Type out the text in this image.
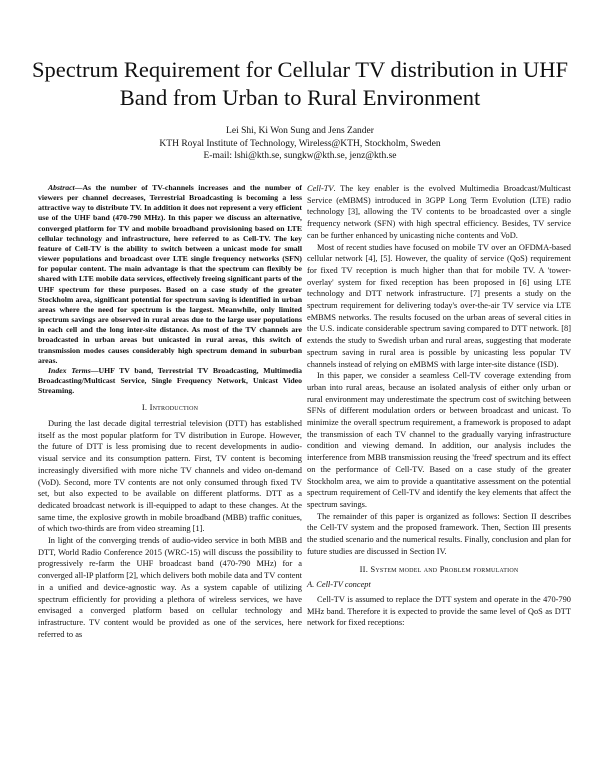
Spectrum Requirement for Cellular TV distribution in UHF Band from Urban to Rural Environment
Lei Shi, Ki Won Sung and Jens Zander
KTH Royal Institute of Technology, Wireless@KTH, Stockholm, Sweden
E-mail: lshi@kth.se, sungkw@kth.se, jenz@kth.se

Abstract—As the number of TV-channels increases and the number of viewers per channel decreases, Terrestrial Broadcasting is becoming a less attractive way to distribute TV. In addition it does not represent a very efficient use of the UHF band (470-790 MHz). In this paper we discuss an alternative, converged platform for TV and mobile broadband provisioning based on LTE cellular technology and infrastructure, here referred to as Cell-TV. The key feature of Cell-TV is the ability to switch between a unicast mode for small viewer populations and broadcast over LTE single frequency networks (SFN) for popular content. The main advantage is that the spectrum can flexibly be shared with LTE mobile data services, effectively freeing significant parts of the UHF spectrum for these purposes. Based on a case study of the greater Stockholm area, significant potential for spectrum saving is identified in urban areas where the need for spectrum is the largest. Meanwhile, only limited spectrum savings are observed in rural areas due to the large user populations in each cell and the long inter-site distance. As most of the TV channels are broadcasted in urban areas but unicasted in rural areas, this switch of transmission modes causes considerably high spectrum demand in suburban areas.

Index Terms—UHF TV band, Terrestrial TV Broadcasting, Multimedia Broadcasting/Multicast Service, Single Frequency Network, Unicast Video Streaming.

I. Introduction

During the last decade digital terrestrial television (DTT) has established itself as the most popular platform for TV distribution in Europe. However, the future of DTT is less promising due to recent developments in audio-visual service and its consumption pattern. First, TV content is becoming increasingly diversified with more niche TV channels and video on-demand (VoD). Second, more TV contents are not only consumed through fixed TV set, but also expected to be available on different platforms. DTT as a dedicated broadcast network is ill-equipped to adapt to these changes. At the same time, the explosive growth in mobile broadband (MBB) traffic conitues, of which two-thirds are from video streaming [1].

In light of the converging trends of audio-video service in both MBB and DTT, World Radio Conference 2015 (WRC-15) will discuss the possibility to progressively re-farm the UHF broadcast band (470-790 MHz) for a converged all-IP platform [2], which delivers both mobile data and TV content in a unified and device-agnostic way. As a system capable of utilizing spectrum efficiently for providing a plethora of wireless services, we have envisaged a converged platform based on cellular technology and infrastructure. TV content would be provided as one of the services, here referred to as

Cell-TV. The key enabler is the evolved Multimedia Broadcast/Multicast Service (eMBMS) introduced in 3GPP Long Term Evolution (LTE) radio technology [3], allowing the TV contents to be broadcasted over a single frequency network (SFN) with high spectral efficiency. Besides, TV service can be further enhanced by unicasting niche contents and VoD.

Most of recent studies have focused on mobile TV over an OFDMA-based cellular network [4], [5]. However, the quality of service (QoS) requirement for fixed TV reception is much higher than that for mobile TV. A 'tower-overlay' system for fixed reception has been proposed in [6] using LTE technology and DTT network infrastructure. [7] presents a study on the spectrum requirement for delivering today's over-the-air TV service via LTE eMBMS networks. The results focused on the urban areas of several cities in the U.S. indicate considerable spectrum saving compared to DTT network. [8] extends the study to Swedish urban and rural areas, suggesting that moderate spectrum saving in rural area is possible by unicasting less popular TV channels instead of relying on eMBMS with large inter-site distance (ISD).

In this paper, we consider a seamless Cell-TV coverage extending from urban into rural areas, because an isolated analysis of either only urban or rural environment may underestimate the spectrum cost of switching between SFNs of different modulation orders or between broadcast and unicast. To minimize the overall spectrum requirement, a framework is proposed to adapt the transmission of each TV channel to the gradually varying infrastructure condition and viewing demand. In addition, our analysis includes the interference from MBB transmission reusing the 'freed' spectrum and its effect on the performance of Cell-TV. Based on a case study of the greater Stockholm area, we aim to provide a quantitative assessment on the potential spectrum requirement of Cell-TV and identify the key elements that affect the spectrum savings.

The remainder of this paper is organized as follows: Section II describes the Cell-TV system and the proposed framework. Then, Section III presents the studied scenario and the numerical results. Finally, conclusion and plan for future studies are discussed in Section IV.

II. System model and Problem formulation
A. Cell-TV concept

Cell-TV is assumed to replace the DTT system and operate in the 470-790 MHz band. Therefore it is expected to provide the same level of QoS as DTT network for fixed receptions:
